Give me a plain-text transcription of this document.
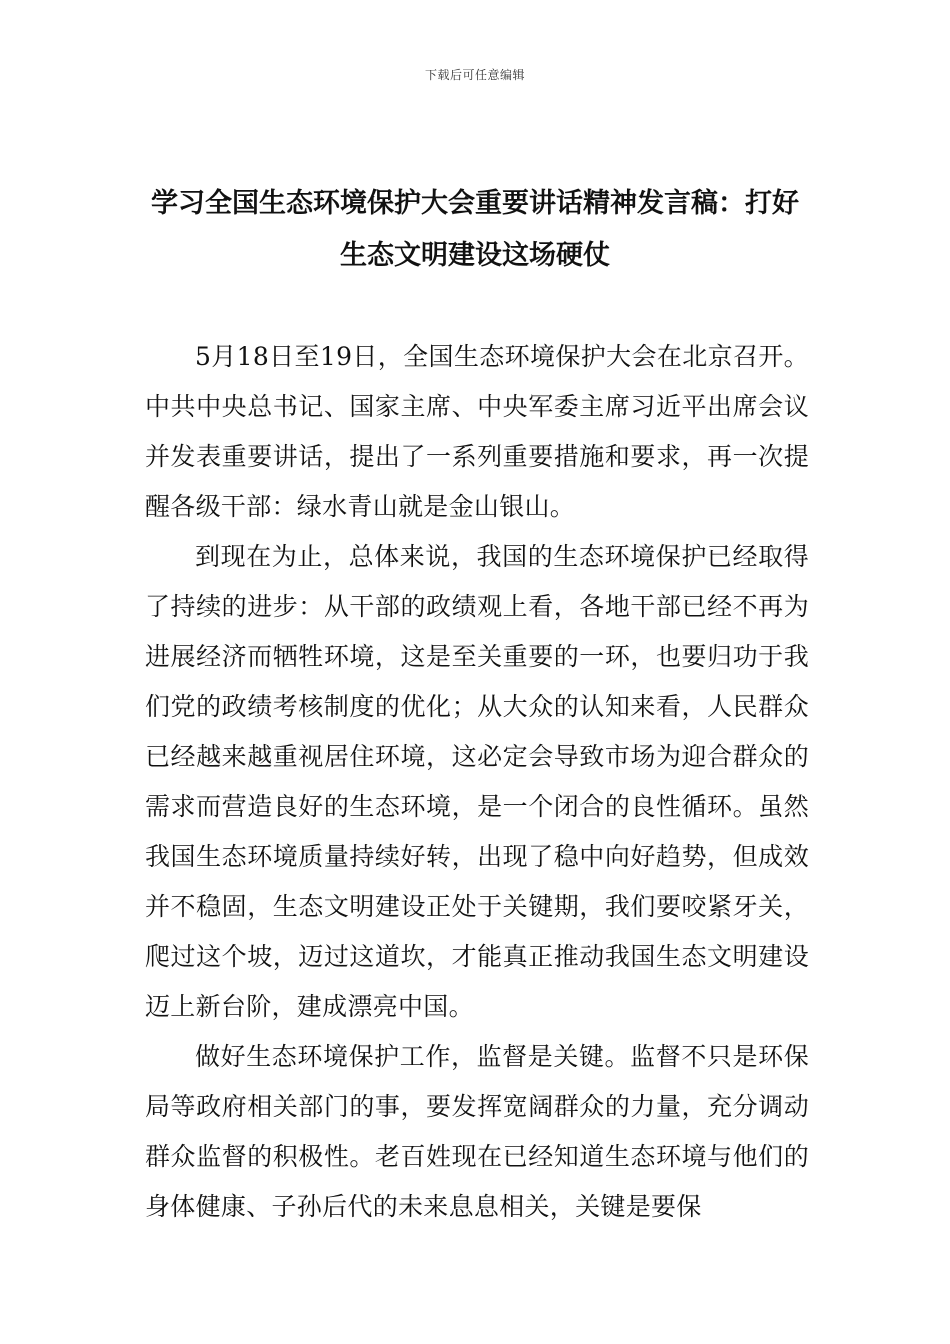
下载后可任意编辑
学习全国生态环境保护大会重要讲话精神发言稿：打好生态文明建设这场硬仗

5月18日至19日，全国生态环境保护大会在北京召开。中共中央总书记、国家主席、中央军委主席习近平出席会议并发表重要讲话，提出了一系列重要措施和要求，再一次提醒各级干部：绿水青山就是金山银山。

到现在为止，总体来说，我国的生态环境保护已经取得了持续的进步：从干部的政绩观上看，各地干部已经不再为进展经济而牺牲环境，这是至关重要的一环，也要归功于我们党的政绩考核制度的优化；从大众的认知来看，人民群众已经越来越重视居住环境，这必定会导致市场为迎合群众的需求而营造良好的生态环境，是一个闭合的良性循环。虽然我国生态环境质量持续好转，出现了稳中向好趋势，但成效并不稳固，生态文明建设正处于关键期，我们要咬紧牙关，爬过这个坡，迈过这道坎，才能真正推动我国生态文明建设迈上新台阶，建成漂亮中国。

做好生态环境保护工作，监督是关键。监督不只是环保局等政府相关部门的事，要发挥宽阔群众的力量，充分调动群众监督的积极性。老百姓现在已经知道生态环境与他们的身体健康、子孙后代的未来息息相关，关键是要保
